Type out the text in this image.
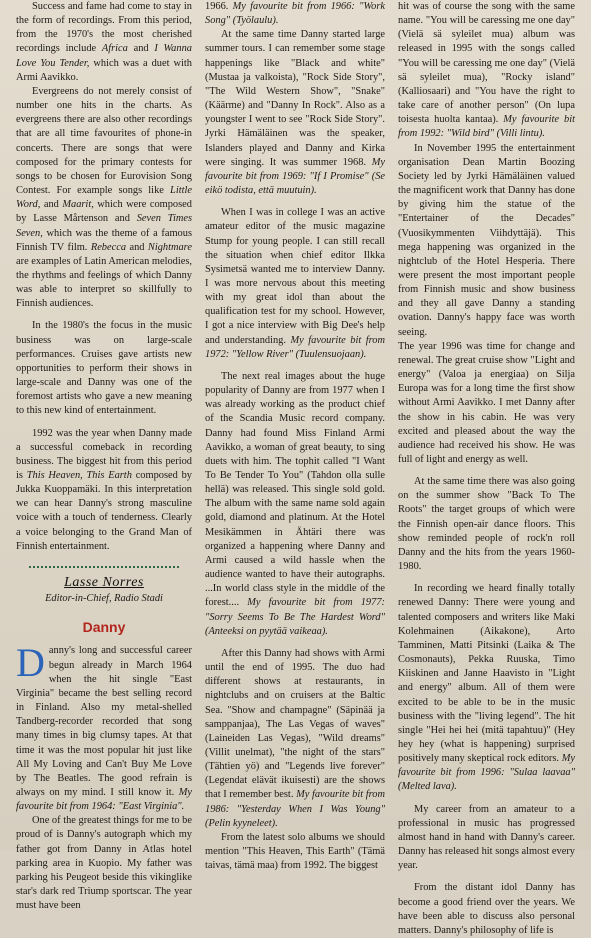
Success and fame had come to stay in the form of recordings. From this period, from the 1970's the most cherished recordings include Africa and I Wanna Love You Tender, which was a duet with Armi Aavikko.

Evergreens do not merely consist of number one hits in the charts. As evergreens there are also other recordings that are all time favourites of phone-in concerts. There are songs that were composed for the primary contests for songs to be chosen for Eurovision Song Contest. For example songs like Little Word, and Maarit, which were composed by Lasse Mårtenson and Seven Times Seven, which was the theme of a famous Finnish TV film. Rebecca and Nightmare are examples of Latin American melodies, the rhythms and feelings of which Danny was able to interpret so skillfully to Finnish audiences.

In the 1980's the focus in the music business was on large-scale performances. Cruises gave artists new opportunities to perform their shows in large-scale and Danny was one of the foremost artists who gave a new meaning to this new kind of entertainment.

1992 was the year when Danny made a successful comeback in recording business. The biggest hit from this period is This Heaven, This Earth composed by Jukka Kuoppamäki. In this interpretation we can hear Danny's strong masculine voice with a touch of tenderness. Clearly a voice belonging to the Grand Man of Finnish entertainment.

Lasse Norres
Editor-in-Chief, Radio Stadi
Danny

Danny's long and successful career begun already in March 1964 when the hit single "East Virginia" became the best selling record in Finland. Also my metal-shelled Tandberg-recorder recorded that song many times in big clumsy tapes. At that time it was the most popular hit just like All My Loving and Can't Buy Me Love by The Beatles. The good refrain is always on my mind. I still know it. My favourite bit from 1964: "East Virginia".

One of the greatest things for me to be proud of is Danny's autograph which my father got from Danny in Atlas hotel parking area in Kuopio. My father was parking his Peugeot beside this vikinglike star's dark red Triump sportscar. The year must have been

1966. My favourite bit from 1966: "Work Song" (Työlaulu).

At the same time Danny started large summer tours. I can remember some stage happenings like "Black and white" (Mustaa ja valkoista), "Rock Side Story", "The Wild Western Show", "Snake" (Käärme) and "Danny In Rock". Also as a youngster I went to see "Rock Side Story". Jyrki Hämäläinen was the speaker, Islanders played and Danny and Kirka were singing. It was summer 1968. My favourite bit from 1969: "If I Promise" (Se eikö todista, että muutuin).

When I was in college I was an active amateur editor of the music magazine Stump for young people. I can still recall the situation when chief editor Ilkka Sysimetsä wanted me to interview Danny. I was more nervous about this meeting with my great idol than about the qualification test for my school. However, I got a nice interview with Big Dee's help and understanding. My favourite bit from 1972: "Yellow River" (Tuulensuojaan).

The next real images about the huge popularity of Danny are from 1977 when I was already working as the product chief of the Scandia Music record company. Danny had found Miss Finland Armi Aavikko, a woman of great beauty, to sing duets with him. The tophit called "I Want To Be Tender To You" (Tahdon olla sulle hellä) was released. This single sold gold. The album with the same name sold again gold, diamond and platinum. At the Hotel Mesikämmen in Ähtäri there was organized a happening where Danny and Armi caused a wild hassle when the audience wanted to have their autographs. ...In world class style in the middle of the forest.... My favourite bit from 1977: "Sorry Seems To Be The Hardest Word" (Anteeksi on pyytää vaikeaa).

After this Danny had shows with Armi until the end of 1995. The duo had different shows at restaurants, in nightclubs and on cruisers at the Baltic Sea. "Show and champagne" (Säpinää ja samppanjaa), The Las Vegas of waves" (Laineiden Las Vegas), "Wild dreams" (Villit unelmat), "the night of the stars" (Tähtien yö) and "Legends live forever" (Legendat elävät ikuisesti) are the shows that I remember best. My favourite bit from 1986: "Yesterday When I Was Young" (Pelin kyyneleet).

From the latest solo albums we should mention "This Heaven, This Earth" (Tämä taivas, tämä maa) from 1992. The biggest

hit was of course the song with the same name. "You will be caressing me one day" (Vielä sä syleilet mua) album was released in 1995 with the songs called "You will be caressing me one day" (Vielä sä syleilet mua), "Rocky island" (Kalliosaari) and "You have the right to take care of another person" (On lupa toisesta huolta kantaa). My favourite bit from 1992: "Wild bird" (Villi lintu).

In November 1995 the entertainment organisation Dean Martin Boozing Society led by Jyrki Hämäläinen valued the magnificent work that Danny has done by giving him the statue of the "Entertainer of the Decades" (Vuosikymmenten Viihdyttäjä). This mega happening was organized in the nightclub of the Hotel Hesperia. There were present the most important people from Finnish music and show business and they all gave Danny a standing ovation. Danny's happy face was worth seeing.

The year 1996 was time for change and renewal. The great cruise show "Light and energy" (Valoa ja energiaa) on Silja Europa was for a long time the first show without Armi Aavikko. I met Danny after the show in his cabin. He was very excited and pleased about the way the audience had received his show. He was full of light and energy as well.

At the same time there was also going on the summer show "Back To The Roots" the target groups of which were the Finnish open-air dance floors. This show reminded people of rock'n roll Danny and the hits from the years 1960-1980.

In recording we heard finally totally renewed Danny: There were young and talented composers and writers like Maki Kolehmainen (Aikakone), Arto Tamminen, Matti Pitsinki (Laika & The Cosmonauts), Pekka Ruuska, Timo Kiiskinen and Janne Haavisto in "Light and energy" album. All of them were excited to be able to be in the music business with the "living legend". The hit single "Hei hei hei (mitä tapahtuu)" (Hey hey hey (what is happening) surprised positively many skeptical rock editors. My favourite bit from 1996: "Sulaa laavaa" (Melted lava).

My career from an amateur to a professional in music has progressed almost hand in hand with Danny's career. Danny has released hit songs almost every year.

From the distant idol Danny has become a good friend over the years. We have been able to discuss also personal matters. Danny's philosophy of life is
